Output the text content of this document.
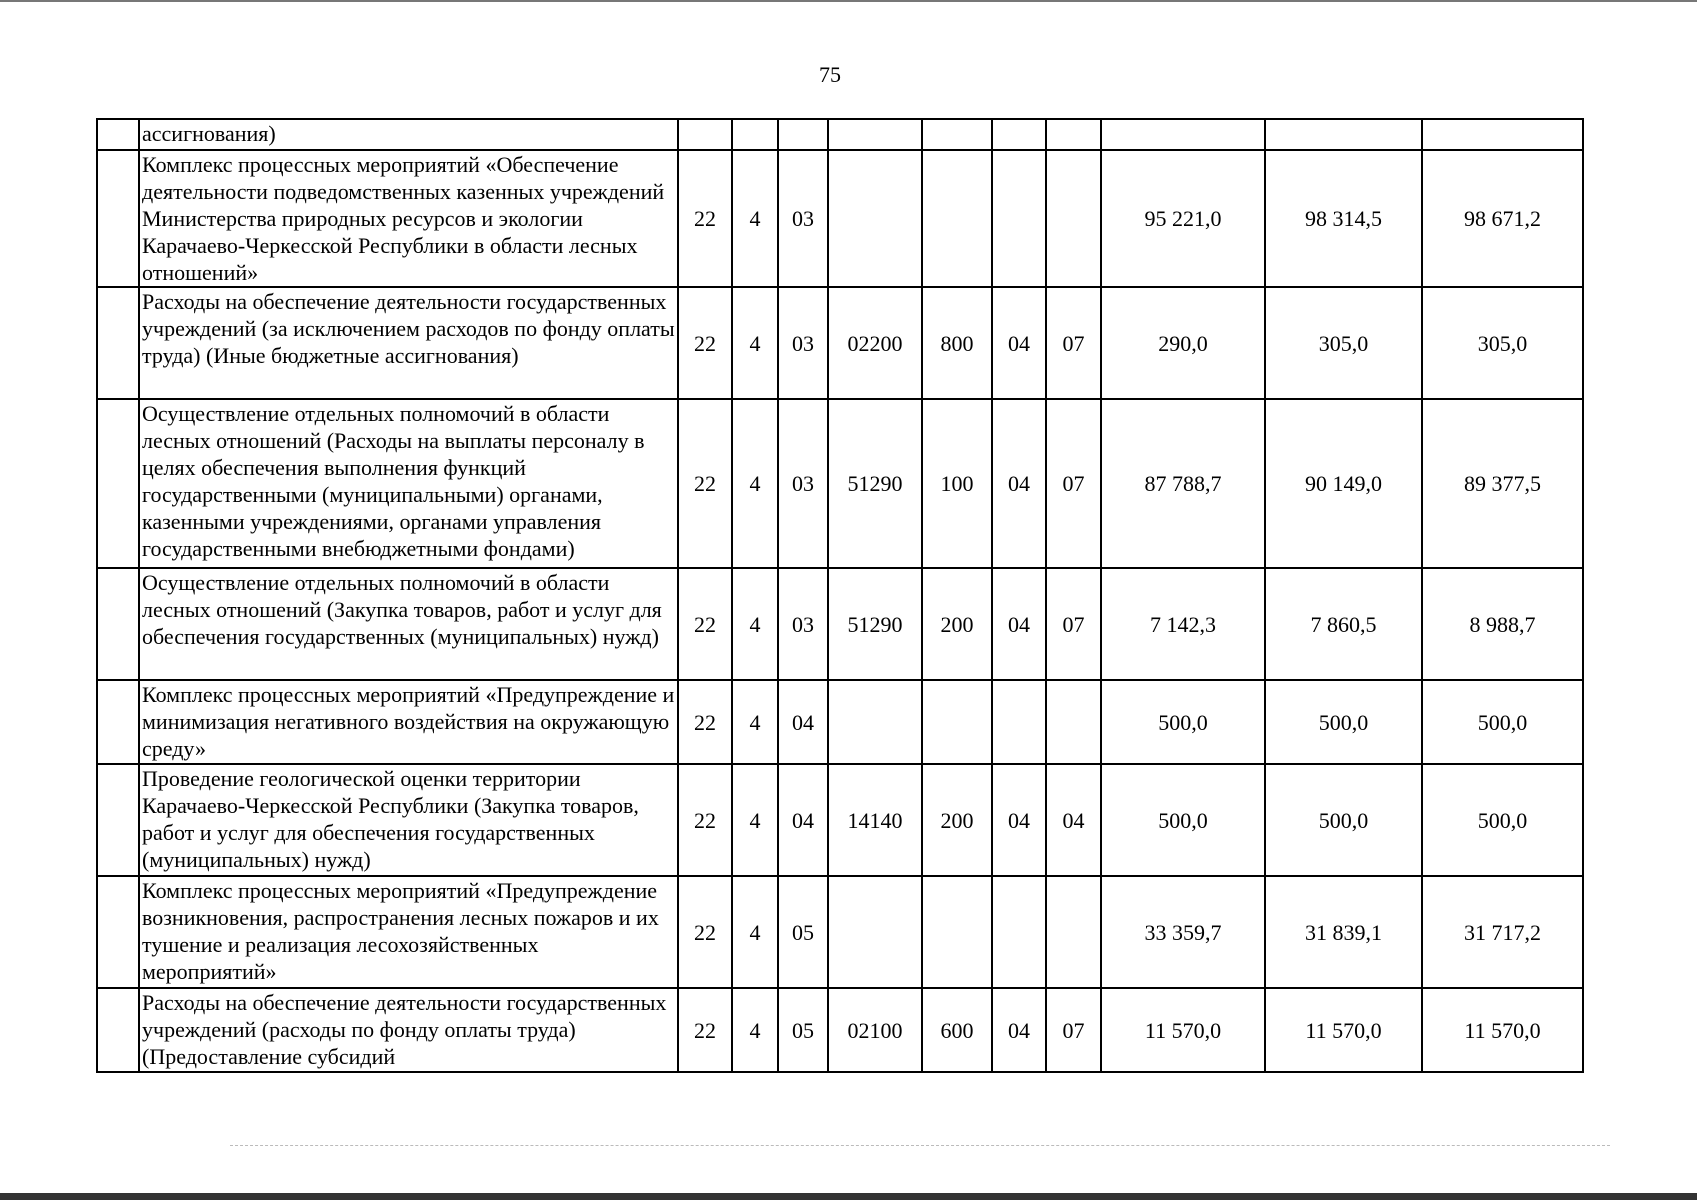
75
	ассигнования)										
	Комплекс процессных мероприятий «Обеспечение деятельности подведомственных казенных учреждений Министерства природных ресурсов и экологии Карачаево-Черкесской Республики в области лесных отношений»	22	4	03					95 221,0	98 314,5	98 671,2
	Расходы на обеспечение деятельности государственных учреждений (за исключением расходов по фонду оплаты труда) (Иные бюджетные ассигнования)	22	4	03	02200	800	04	07	290,0	305,0	305,0
	Осуществление отдельных полномочий в области лесных отношений (Расходы на выплаты персоналу в целях обеспечения выполнения функций государственными (муниципальными) органами, казенными учреждениями, органами управления государственными внебюджетными фондами)	22	4	03	51290	100	04	07	87 788,7	90 149,0	89 377,5
	Осуществление отдельных полномочий в области лесных отношений (Закупка товаров, работ и услуг для обеспечения государственных (муниципальных) нужд)	22	4	03	51290	200	04	07	7 142,3	7 860,5	8 988,7
	Комплекс процессных мероприятий «Предупреждение и минимизация негативного воздействия на окружающую среду»	22	4	04					500,0	500,0	500,0
	Проведение геологической оценки территории Карачаево-Черкесской Республики (Закупка товаров, работ и услуг для обеспечения государственных (муниципальных) нужд)	22	4	04	14140	200	04	04	500,0	500,0	500,0
	Комплекс процессных мероприятий «Предупреждение возникновения, распространения лесных пожаров и их тушение и реализация лесохозяйственных мероприятий»	22	4	05					33 359,7	31 839,1	31 717,2
	Расходы на обеспечение деятельности государственных учреждений (расходы по фонду оплаты труда) (Предоставление субсидий	22	4	05	02100	600	04	07	11 570,0	11 570,0	11 570,0
